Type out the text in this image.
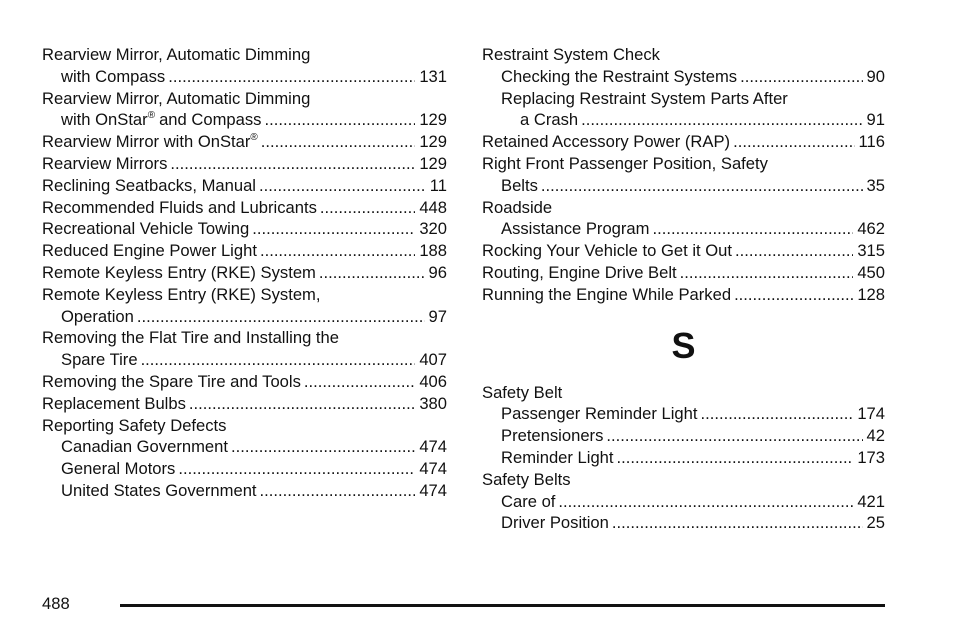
Rearview Mirror, Automatic Dimming
with Compass . . .	131
Rearview Mirror, Automatic Dimming
with OnStar® and Compass . . .	129
Rearview Mirror with OnStar® . . .	129
Rearview Mirrors . . .	129
Reclining Seatbacks, Manual . . .	11
Recommended Fluids and Lubricants . . .	448
Recreational Vehicle Towing . . .	320
Reduced Engine Power Light . . .	188
Remote Keyless Entry (RKE) System . . .	96
Remote Keyless Entry (RKE) System,
Operation . . .	97
Removing the Flat Tire and Installing the
Spare Tire . . .	407
Removing the Spare Tire and Tools . . .	406
Replacement Bulbs . . .	380
Reporting Safety Defects
Canadian Government . . .	474
General Motors . . .	474
United States Government . . .	474
Restraint System Check
Checking the Restraint Systems . . .	90
Replacing Restraint System Parts After
a Crash . . .	91
Retained Accessory Power (RAP) . . .	116
Right Front Passenger Position, Safety
Belts . . .	35
Roadside
Assistance Program . . .	462
Rocking Your Vehicle to Get it Out . . .	315
Routing, Engine Drive Belt . . .	450
Running the Engine While Parked . . .	128
S
Safety Belt
Passenger Reminder Light . . .	174
Pretensioners . . .	42
Reminder Light . . .	173
Safety Belts
Care of . . .	421
Driver Position . . .	25
488
